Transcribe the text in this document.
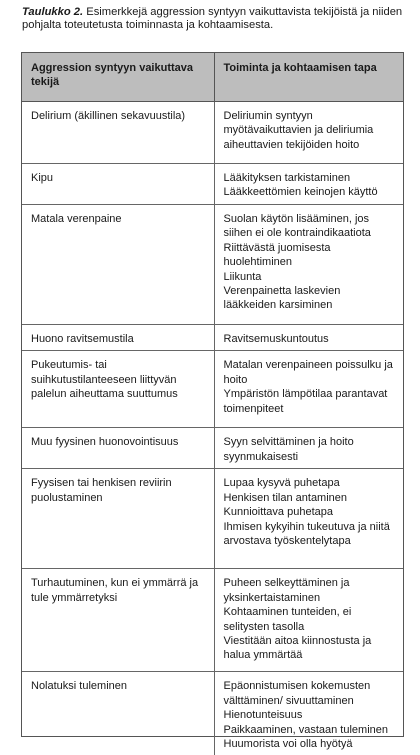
Taulukko 2. Esimerkkejä aggression syntyyn vaikuttavista tekijöistä ja niiden pohjalta toteutetusta toiminnasta ja kohtaamisesta.
Aggression syntyyn vaikuttava tekijä	Toiminta ja kohtaamisen tapa
Delirium (äkillinen sekavuustila)	Deliriumin syntyyn myötävaikuttavien ja deliriumia aiheuttavien tekijöiden hoito

Kipu	Lääkityksen tarkistaminen
Lääkkeettömien keinojen käyttö

Matala verenpaine	Suolan käytön lisääminen, jos siihen ei ole kontraindikaatiota
Riittävästä juomisesta huolehtiminen
Liikunta
Verenpainetta laskevien lääkkeiden karsiminen

Huono ravitsemustila	Ravitsemuskuntoutus

Pukeutumis- tai suihkutustilanteeseen liittyvän palelun aiheuttama suuttumus	Matalan verenpaineen poissulku ja hoito
Ympäristön lämpötilaa parantavat toimenpiteet

Muu fyysinen huonovointisuus	Syyn selvittäminen ja hoito syynmukaisesti

Fyysisen tai henkisen reviirin puolustaminen	Lupaa kysyvä puhetapa
Henkisen tilan antaminen
Kunnioittava puhetapa
Ihmisen kykyihin tukeutuva ja niitä arvostava työskentelytapa

Turhautuminen, kun ei ymmärrä ja tule ymmärretyksi	Puheen selkeyttäminen ja yksinkertaistaminen
Kohtaaminen tunteiden, ei selitysten tasolla
Viestitään aitoa kiinnostusta ja halua ymmärtää

Nolatuksi tuleminen	Epäonnistumisen kokemusten välttäminen/ sivuuttaminen
Hienotunteisuus
Paikkaaminen, vastaan tuleminen
Huumorista voi olla hyötyä
